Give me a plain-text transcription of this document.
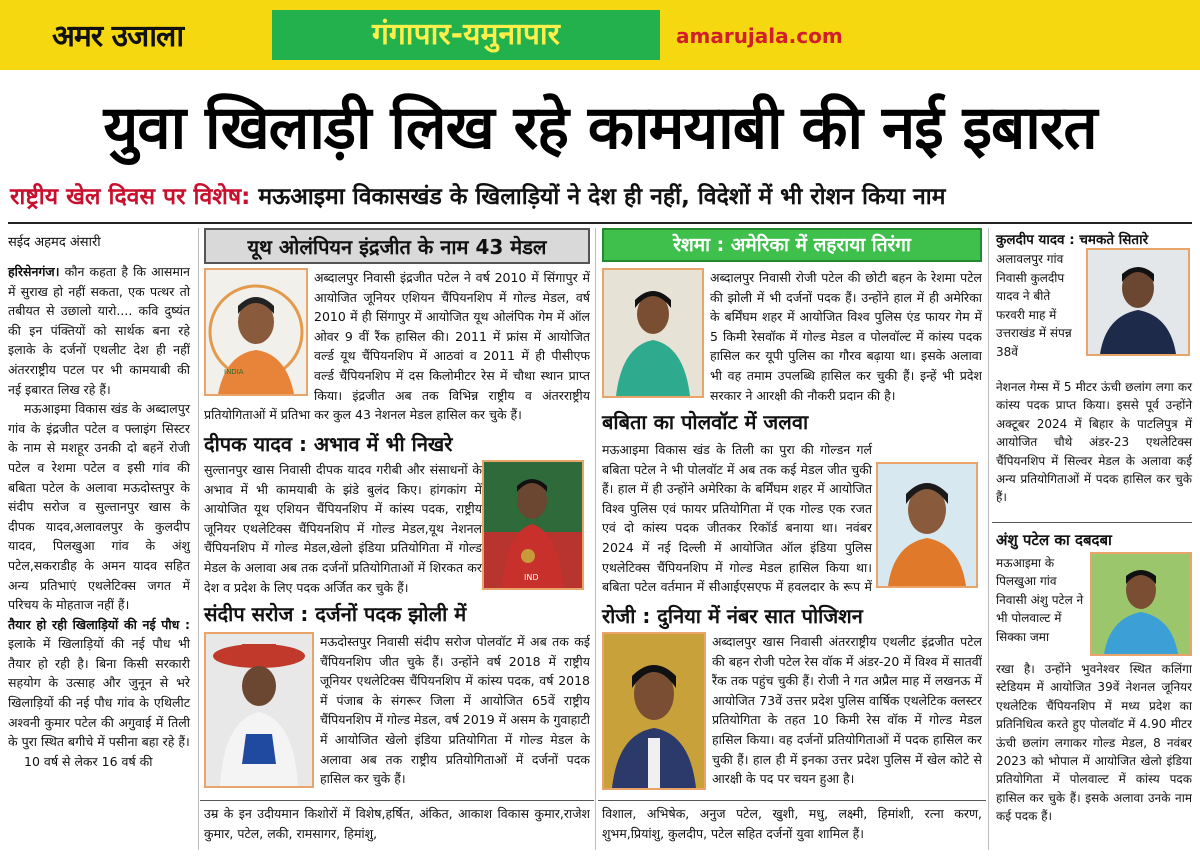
अमर उजाला	गंगापार-यमुनापार	amarujala.com
युवा खिलाड़ी लिख रहे कामयाबी की नई इबारत
राष्ट्रीय खेल दिवस पर विशेष: मऊआइमा विकासखंड के खिलाड़ियों ने देश ही नहीं, विदेशों में भी रोशन किया नाम
सईद अहमद अंसारी

हरिसेनगंज। कौन कहता है कि आसमान में सुराख हो नहीं सकता, एक पत्थर तो तबीयत से उछालो यारो.... कवि दुष्यंत की इन पंक्तियों को सार्थक बना रहे इलाके के दर्जनों एथलीट देश ही नहीं अंतरराष्ट्रीय पटल पर भी कामयाबी की नई इबारत लिख रहे हैं।

मऊआइमा विकास खंड के अब्दालपुर गांव के इंद्रजीत पटेल व फ्लाइंग सिस्टर के नाम से मशहूर उनकी दो बहनें रोजी पटेल व रेशमा पटेल व इसी गांव की बबिता पटेल के अलावा मऊदोस्तपुर के संदीप सरोज व सुल्तानपुर खास के दीपक यादव,अलावलपुर के कुलदीप यादव, पिलखुआ गांव के अंशु पटेल,सकराडीह के अमन यादव सहित अन्य प्रतिभाएं एथलेटिक्स जगत में परिचय के मोहताज नहीं हैं।

तैयार हो रही खिलाड़ियों की नई पौध : इलाके में खिलाड़ियों की नई पौध भी तैयार हो रही है। बिना किसी सरकारी सहयोग के उत्साह और जुनून से भरे खिलाड़ियों की नई पौध गांव के एथिलीट अश्वनी कुमार पटेल की अगुवाई में तिली के पुरा स्थित बगीचे में पसीना बहा रहे हैं।

10 वर्ष से लेकर 16 वर्ष की

यूथ ओलंपियन इंद्रजीत के नाम 43 मेडल
INDIA

अब्दालपुर निवासी इंद्रजीत पटेल ने वर्ष 2010 में सिंगापुर में आयोजित जूनियर एशियन चैंपियनशिप में गोल्ड मेडल, वर्ष 2010 में ही सिंगापुर में आयोजित यूथ ओलंपिक गेम में ऑल ओवर 9 वीं रैंक हासिल की। 2011 में फ्रांस में आयोजित वर्ल्ड यूथ चैंपियनशिप में आठवां व 2011 में ही पीसीएफ वर्ल्ड चैंपियनशिप में दस किलोमीटर रेस में चौथा स्थान प्राप्त किया। इंद्रजीत अब तक विभिन्न राष्ट्रीय व अंतरराष्ट्रीय प्रतियोगिताओं में प्रतिभा कर कुल 43 नेशनल मेडल हासिल कर चुके हैं।

दीपक यादव : अभाव में भी निखरे

सुल्तानपुर खास निवासी दीपक यादव गरीबी और संसाधनों के अभाव में भी कामयाबी के झंडे बुलंद किए। हांगकांग में आयोजित यूथ एशियन चैंपियनशिप में कांस्य पदक, राष्ट्रीय जूनियर एथलेटिक्स चैंपियनशिप में गोल्ड मेडल,यूथ नेशनल चैंपियनशिप में गोल्ड मेडल,खेलो इंडिया प्रतियोगिता में गोल्ड मेडल के अलावा अब तक दर्जनों प्रतियोगिताओं में शिरकत कर देश व प्रदेश के लिए पदक अर्जित कर चुके हैं।

IND
संदीप सरोज : दर्जनों पदक झोली में

मऊदोस्तपुर निवासी संदीप सरोज पोलवॉट में अब तक कई चैंपियनशिप जीत चुके हैं। उन्होंने वर्ष 2018 में राष्ट्रीय जूनियर एथलेटिक्स चैंपियनशिप में कांस्य पदक, वर्ष 2018 में पंजाब के संगरूर जिला में आयोजित 65वें राष्ट्रीय चैंपियनशिप में गोल्ड मेडल, वर्ष 2019 में असम के गुवाहाटी में आयोजित खेलो इंडिया प्रतियोगिता में गोल्ड मेडल के अलावा अब तक राष्ट्रीय प्रतियोगिताओं में दर्जनों पदक हासिल कर चुके हैं।

उम्र के इन उदीयमान किशोरों में विशेष,हर्षित, अंकित, आकाश विकास कुमार,राजेश कुमार, पटेल, लकी, रामसागर, हिमांशु,
रेशमा : अमेरिका में लहराया तिरंगा

अब्दालपुर निवासी रोजी पटेल की छोटी बहन के रेशमा पटेल की झोली में भी दर्जनों पदक हैं। उन्होंने हाल में ही अमेरिका के बर्मिंघम शहर में आयोजित विश्व पुलिस एंड फायर गेम में 5 किमी रेसवॉक में गोल्ड मेडल व पोलवॉल्ट में कांस्य पदक हासिल कर यूपी पुलिस का गौरव बढ़ाया था। इसके अलावा भी वह तमाम उपलब्धि हासिल कर चुकी हैं। इन्हें भी प्रदेश सरकार ने आरक्षी की नौकरी प्रदान की है।

बबिता का पोलवॉट में जलवा

मऊआइमा विकास खंड के तिली का पुरा की गोल्डन गर्ल बबिता पटेल ने भी पोलवॉट में अब तक कई मेडल जीत चुकी हैं। हाल में ही उन्होंने अमेरिका के बर्मिंघम शहर में आयोजित विश्व पुलिस एवं फायर प्रतियोगिता में एक गोल्ड एक रजत एवं दो कांस्य पदक जीतकर रिकॉर्ड बनाया था। नवंबर 2024 में नई दिल्ली में आयोजित ऑल इंडिया पुलिस एथलेटिक्स चैंपियनशिप में गोल्ड मेडल हासिल किया था। बबिता पटेल वर्तमान में सीआईएसएफ में हवलदार के रूप में

रोजी : दुनिया में नंबर सात पोजिशन

अब्दालपुर खास निवासी अंतरराष्ट्रीय एथलीट इंद्रजीत पटेल की बहन रोजी पटेल रेस वॉक में अंडर-20 में विश्व में सातवीं रैंक तक पहुंच चुकी हैं। रोजी ने गत अप्रैल माह में लखनऊ में आयोजित 73वें उत्तर प्रदेश पुलिस वार्षिक एथलेटिक क्लस्टर प्रतियोगिता के तहत 10 किमी रेस वॉक में गोल्ड मेडल हासिल किया। वह दर्जनों प्रतियोगिताओं में पदक हासिल कर चुकी हैं। हाल ही में इनका उत्तर प्रदेश पुलिस में खेल कोटे से आरक्षी के पद पर चयन हुआ है।

विशाल, अभिषेक, अनुज पटेल, खुशी, मधु, लक्ष्मी, हिमांशी, रत्ना करण, शुभम,प्रियांशु, कुलदीप, पटेल सहित दर्जनों युवा शामिल हैं।
कुलदीप यादव : चमकते सितारे
अलावलपुर गांव निवासी कुलदीप यादव ने बीते फरवरी माह में उत्तराखंड में संपन्न 38वें
नेशनल गेम्स में 5 मीटर ऊंची छलांग लगा कर कांस्य पदक प्राप्त किया। इससे पूर्व उन्होंने अक्टूबर 2024 में बिहार के पाटलिपुत्र में आयोजित चौथे अंडर-23 एथलेटिक्स चैंपियनशिप में सिल्वर मेडल के अलावा कई अन्य प्रतियोगिताओं में पदक हासिल कर चुके हैं।
अंशु पटेल का दबदबा
मऊआइमा के पिलखुआ गांव निवासी अंशु पटेल ने भी पोलवाल्ट में सिक्का जमा
रखा है। उन्होंने भुवनेश्वर स्थित कलिंगा स्टेडियम में आयोजित 39वें नेशनल जूनियर एथलेटिक चैंपियनशिप में मध्य प्रदेश का प्रतिनिधित्व करते हुए पोलवॉट में 4.90 मीटर ऊंची छलांग लगाकर गोल्ड मेडल, 8 नवंबर 2023 को भोपाल में आयोजित खेलो इंडिया प्रतियोगिता में पोलवाल्ट में कांस्य पदक हासिल कर चुके हैं। इसके अलावा उनके नाम कई पदक हैं।
